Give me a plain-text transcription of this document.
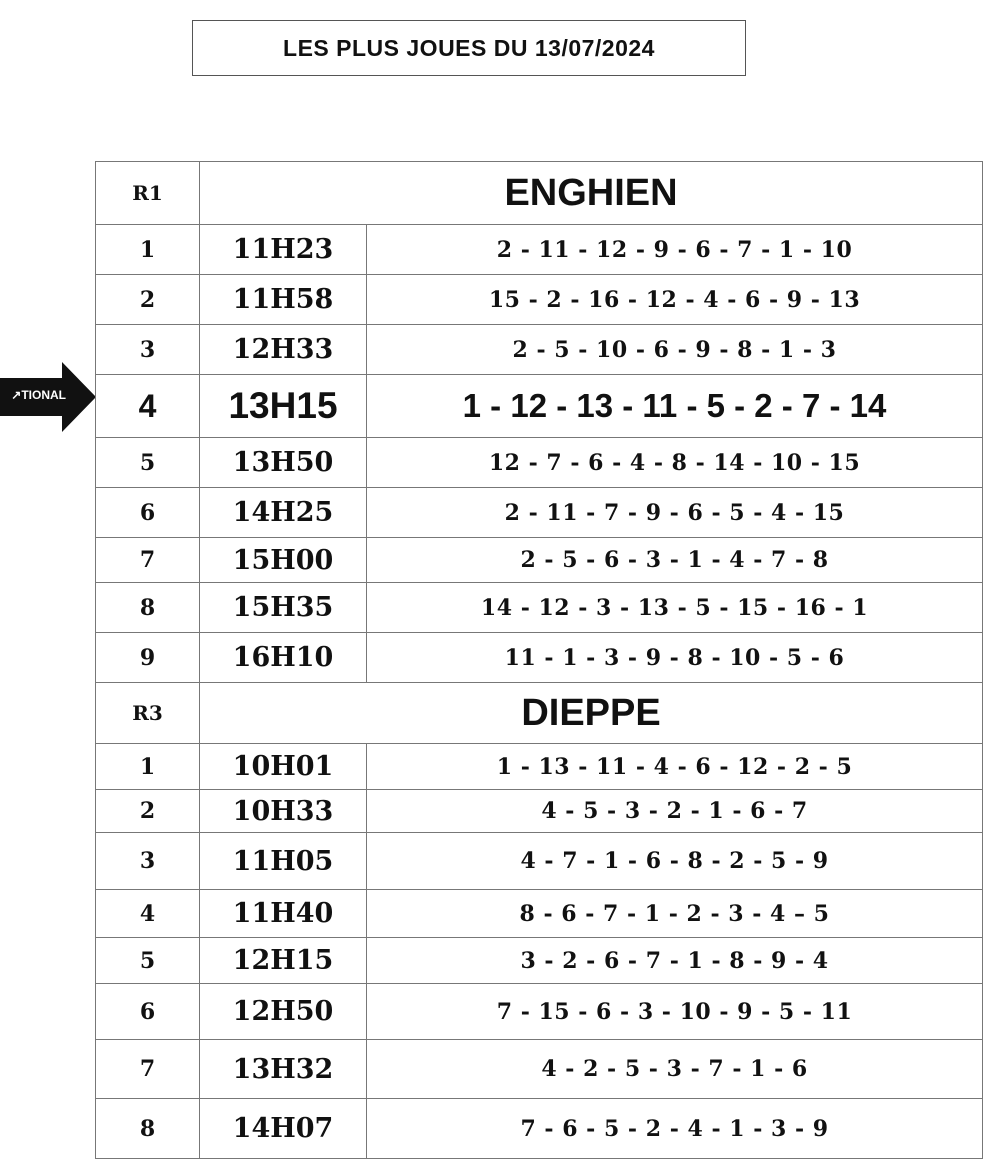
LES PLUS JOUES DU 13/07/2024
TIONAL↗
R1	ENGHIEN	
1	11H23	2 - 11 - 12 - 9 - 6 - 7 - 1 - 10
2	11H58	15 - 2 - 16 - 12 - 4 - 6 - 9 - 13
3	12H33	2 - 5 - 10 - 6 - 9 - 8 - 1 - 3
4	13H15	1 - 12 - 13 - 11 - 5 - 2 - 7 - 14
5	13H50	12 - 7 - 6 - 4 - 8 - 14 - 10 - 15
6	14H25	2 - 11 - 7 - 9 - 6 - 5 - 4 - 15
7	15H00	2 - 5 - 6 - 3 - 1 - 4 - 7 - 8
8	15H35	14 - 12 - 3 - 13 - 5 - 15 - 16 - 1
9	16H10	11 - 1 - 3 - 9 - 8 - 10 - 5 - 6
R3	DIEPPE	
1	10H01	1 - 13 - 11 - 4 - 6 - 12 - 2 - 5
2	10H33	4 - 5 - 3 - 2 - 1 - 6 - 7
3	11H05	4 - 7 - 1 - 6 - 8 - 2 - 5 - 9
4	11H40	8 - 6 - 7 - 1 - 2 - 3 - 4 – 5
5	12H15	3 - 2 - 6 - 7 - 1 - 8 - 9 - 4
6	12H50	7 - 15 - 6 - 3 - 10 - 9 - 5 - 11
7	13H32	4 - 2 - 5 - 3 - 7 - 1 - 6
8	14H07	7 - 6 - 5 - 2 - 4 - 1 - 3 - 9
